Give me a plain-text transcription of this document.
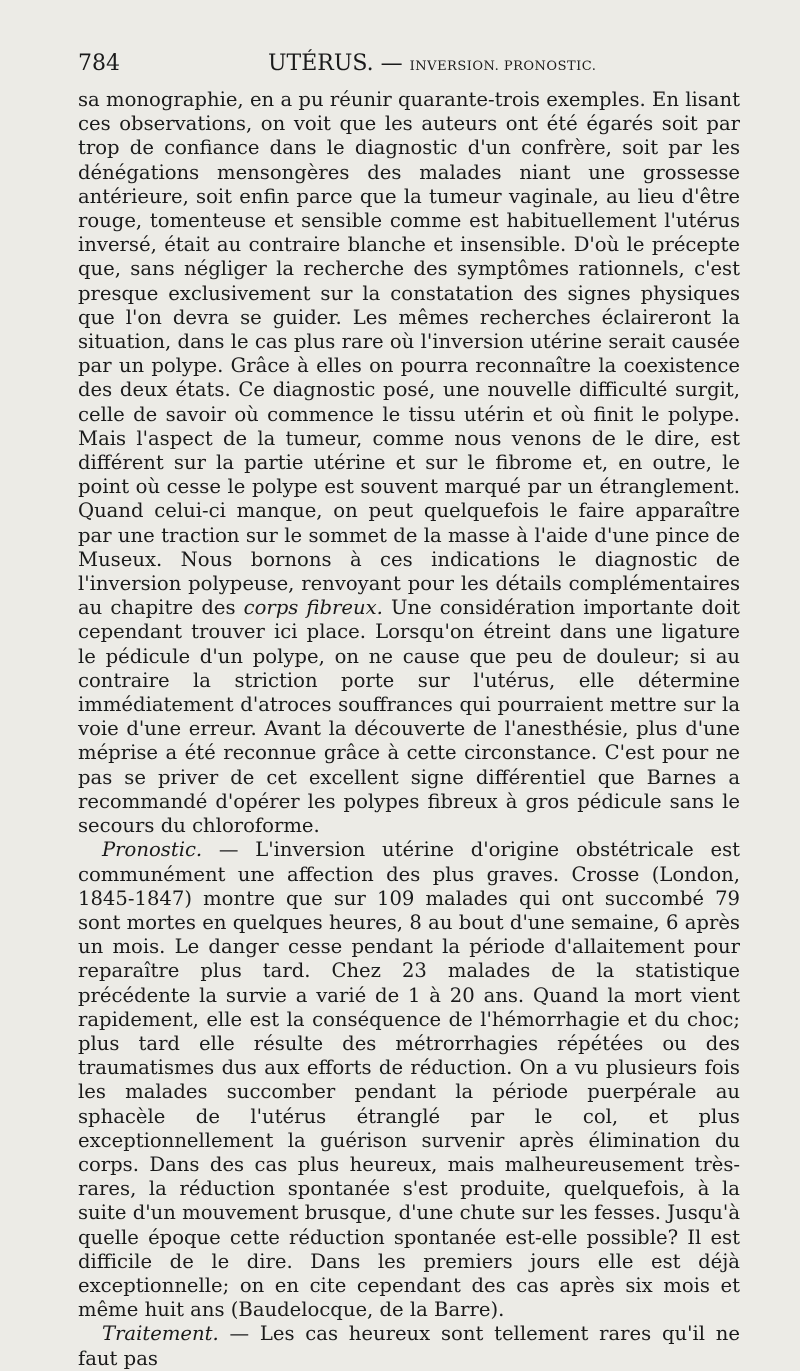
784	UTÉRUS. — INVERSION. PRONOSTIC.

sa monographie, en a pu réunir quarante-trois exemples. En lisant ces observations, on voit que les auteurs ont été égarés soit par trop de confiance dans le diagnostic d'un confrère, soit par les dénégations mensongères des malades niant une grossesse antérieure, soit enfin parce que la tumeur vaginale, au lieu d'être rouge, tomenteuse et sensible comme est habituellement l'utérus inversé, était au contraire blanche et insensible. D'où le précepte que, sans négliger la recherche des symptômes rationnels, c'est presque exclusivement sur la constatation des signes physiques que l'on devra se guider. Les mêmes recherches éclaireront la situation, dans le cas plus rare où l'inversion utérine serait causée par un polype. Grâce à elles on pourra reconnaître la coexistence des deux états. Ce diagnostic posé, une nouvelle difficulté surgit, celle de savoir où commence le tissu utérin et où finit le polype. Mais l'aspect de la tumeur, comme nous venons de le dire, est différent sur la partie utérine et sur le fibrome et, en outre, le point où cesse le polype est souvent marqué par un étranglement. Quand celui-ci manque, on peut quelquefois le faire apparaître par une traction sur le sommet de la masse à l'aide d'une pince de Museux. Nous bornons à ces indications le diagnostic de l'inversion polypeuse, renvoyant pour les détails complémentaires au chapitre des corps fibreux. Une considération importante doit cependant trouver ici place. Lorsqu'on étreint dans une ligature le pédicule d'un polype, on ne cause que peu de douleur; si au contraire la striction porte sur l'utérus, elle détermine immédiatement d'atroces souffrances qui pourraient mettre sur la voie d'une erreur. Avant la découverte de l'anesthésie, plus d'une méprise a été reconnue grâce à cette circonstance. C'est pour ne pas se priver de cet excellent signe différentiel que Barnes a recommandé d'opérer les polypes fibreux à gros pédicule sans le secours du chloroforme.

Pronostic. — L'inversion utérine d'origine obstétricale est communément une affection des plus graves. Crosse (London, 1845-1847) montre que sur 109 malades qui ont succombé 79 sont mortes en quelques heures, 8 au bout d'une semaine, 6 après un mois. Le danger cesse pendant la période d'allaitement pour reparaître plus tard. Chez 23 malades de la statistique précédente la survie a varié de 1 à 20 ans. Quand la mort vient rapidement, elle est la conséquence de l'hémorrhagie et du choc; plus tard elle résulte des métrorrhagies répétées ou des traumatismes dus aux efforts de réduction. On a vu plusieurs fois les malades succomber pendant la période puerpérale au sphacèle de l'utérus étranglé par le col, et plus exceptionnellement la guérison survenir après élimination du corps. Dans des cas plus heureux, mais malheureusement très-rares, la réduction spontanée s'est produite, quelquefois, à la suite d'un mouvement brusque, d'une chute sur les fesses. Jusqu'à quelle époque cette réduction spontanée est-elle possible? Il est difficile de le dire. Dans les premiers jours elle est déjà exceptionnelle; on en cite cependant des cas après six mois et même huit ans (Baudelocque, de la Barre).

Traitement. — Les cas heureux sont tellement rares qu'il ne faut pas
